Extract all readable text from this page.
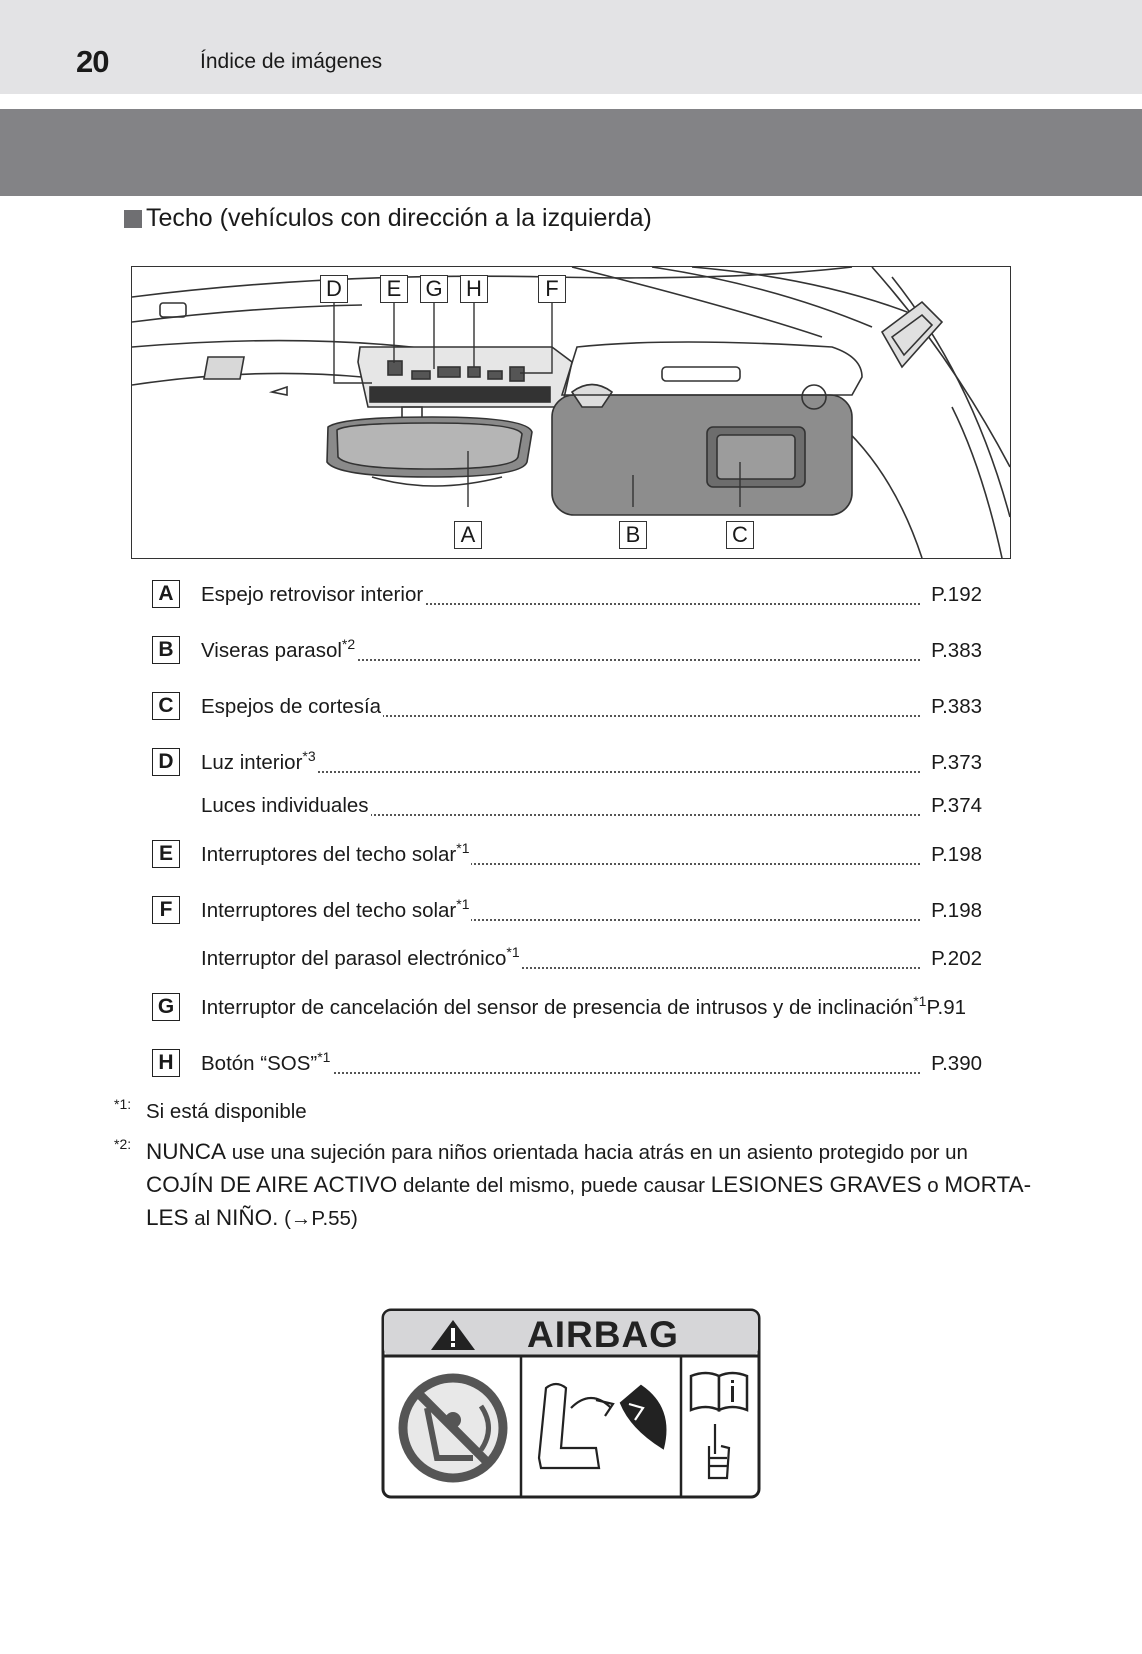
20	Índice de imágenes
Techo (vehículos con dirección a la izquierda)
D	E	G H	F
A	B	C
A	Espejo retrovisor interior	P.192
B	Viseras parasol$^{*2}$	P.383
C	Espejos de cortesía	P.383
D	Luz interior$^{*3}$	P.373
Luces individuales	P.374
E	Interruptores del techo solar$^{*1}$	P.198
F	Interruptores del techo solar$^{*1}$	P.198
Interruptor del parasol electrónico$^{*1}$	P.202
G Interruptor de cancelación del sensor de presencia de intrusos y de inclinación$^{*1}$P.91
H	Botón “SOS”$^{*1}$	P.390
*1: Si está disponible
*2: NUNCA use una sujeción para niños orientada hacia atrás en un asiento protegido por un COJÍN DE AIRE ACTIVO delante del mismo, puede causar LESIONES GRAVES o MORTA-LES al NIÑO. (→P.55)
AIRBAG
